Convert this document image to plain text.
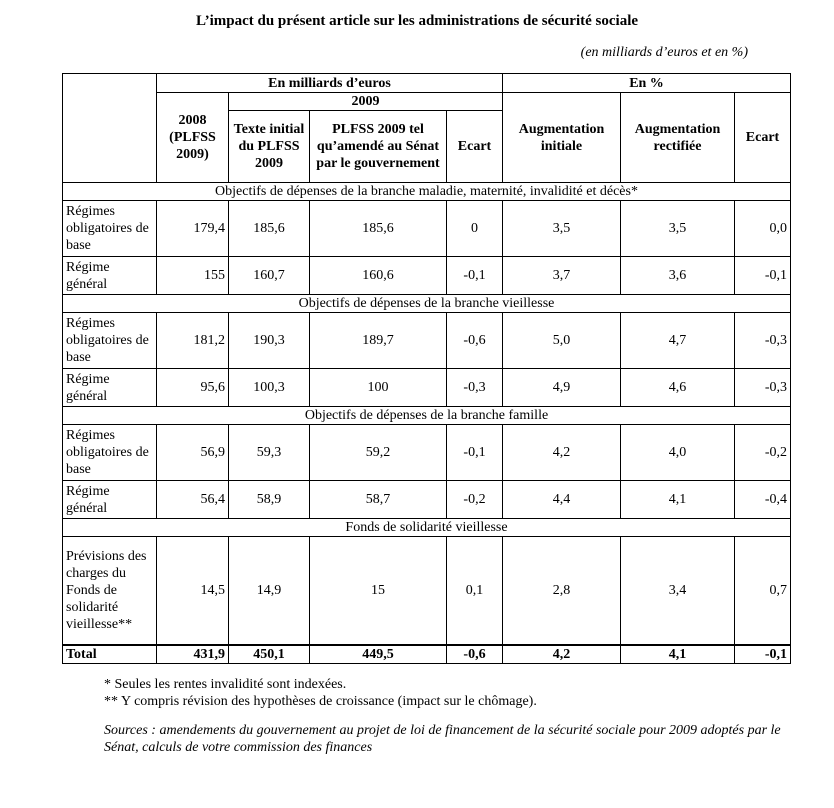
L’impact du présent article sur les administrations de sécurité sociale
(en milliards d’euros et en %)
	En milliards d’euros				En %		
	2008 (PLFSS 2009)	2009			Augmentation initiale	Augmentation rectifiée	Ecart
		Texte initial du PLFSS 2009	PLFSS 2009 tel qu’amendé au Sénat par le gouvernement	Ecart			
Objectifs de dépenses de la branche maladie, maternité, invalidité et décès*							
Régimes obligatoires de base	179,4	185,6	185,6	0	3,5	3,5	0,0
Régime général	155	160,7	160,6	-0,1	3,7	3,6	-0,1
Objectifs de dépenses de la branche vieillesse							
Régimes obligatoires de base	181,2	190,3	189,7	-0,6	5,0	4,7	-0,3
Régime général	95,6	100,3	100	-0,3	4,9	4,6	-0,3
Objectifs de dépenses de la branche famille							
Régimes obligatoires de base	56,9	59,3	59,2	-0,1	4,2	4,0	-0,2
Régime général	56,4	58,9	58,7	-0,2	4,4	4,1	-0,4
Fonds de solidarité vieillesse							
Prévisions des charges du Fonds de solidarité vieillesse**	14,5	14,9	15	0,1	2,8	3,4	0,7
Total	431,9	450,1	449,5	-0,6	4,2	4,1	-0,1

* Seules les rentes invalidité sont indexées.

** Y compris révision des hypothèses de croissance (impact sur le chômage).

Sources : amendements du gouvernement au projet de loi de financement de la sécurité sociale pour 2009 adoptés par le Sénat, calculs de votre commission des finances
